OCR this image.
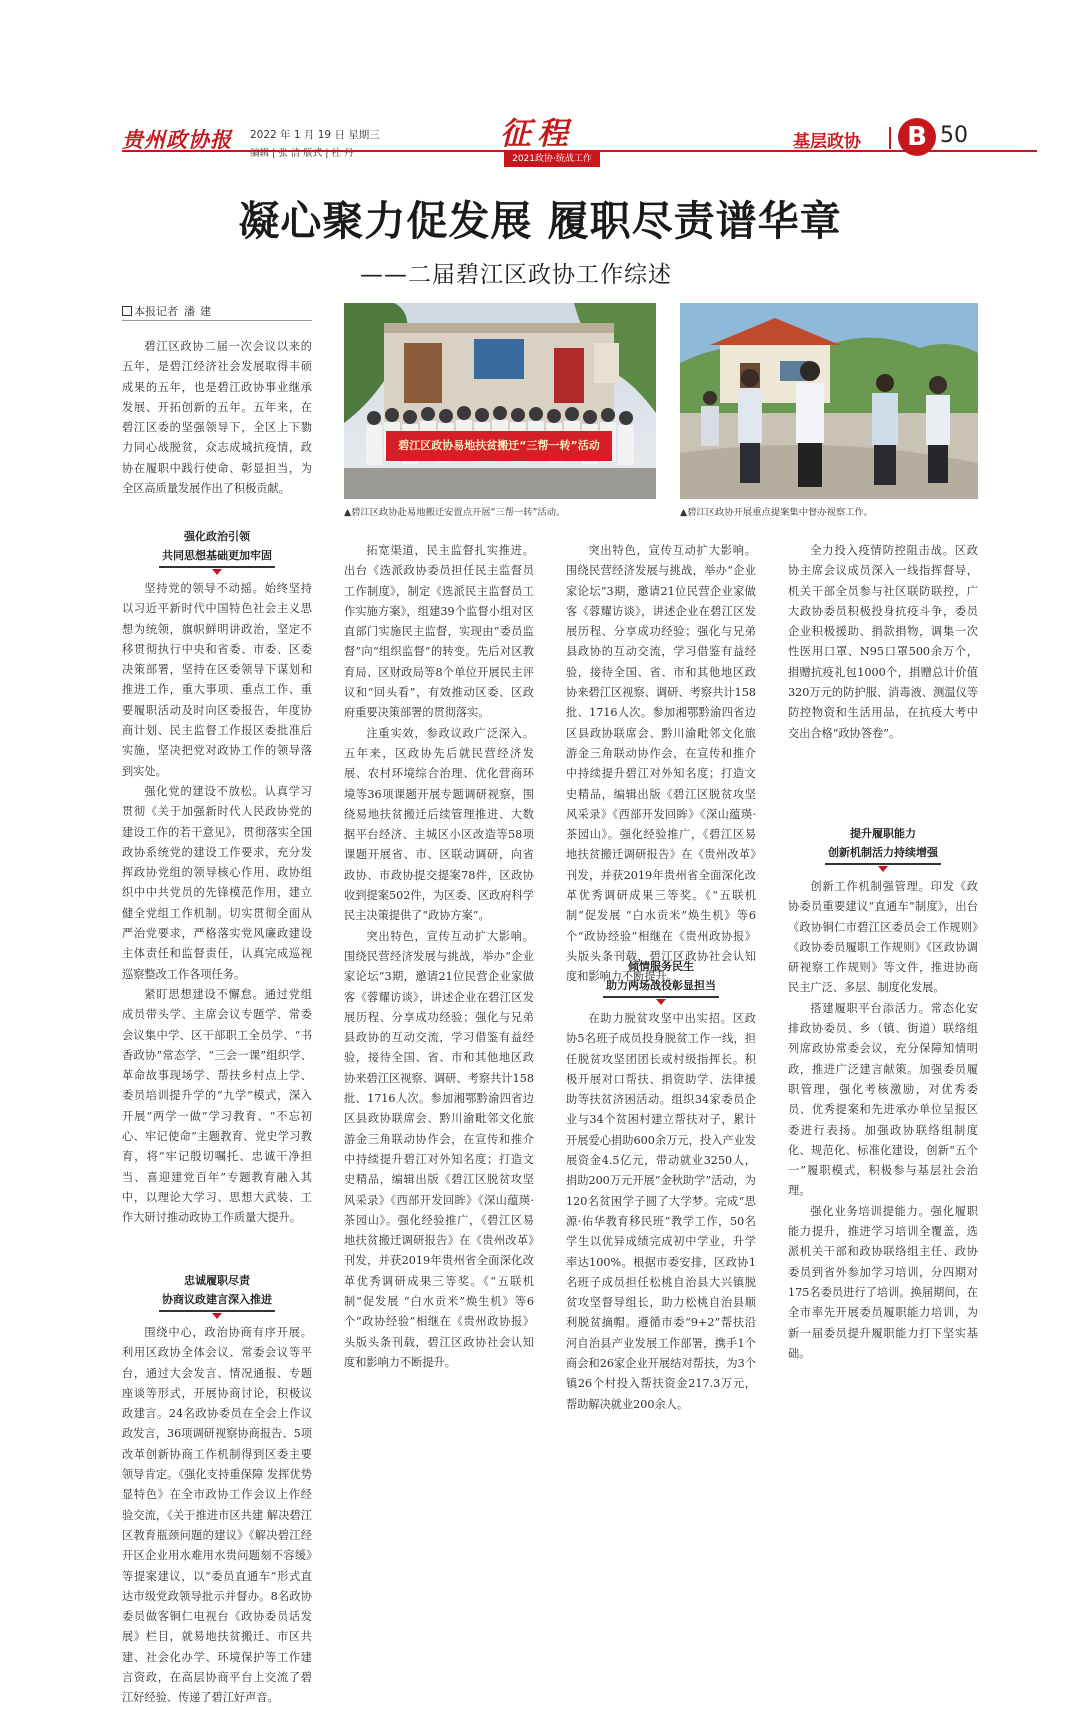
贵州政协报 2022 年 1 月 19 日 星期三
编辑 | 张 洁 版式 | 杜 丹
征程
2021政协·统战工作
基层政协	B 50
凝心聚力促发展 履职尽责谱华章
——二届碧江区政协工作综述
本报记者 潘建

碧江区政协二届一次会议以来的五年，是碧江经济社会发展取得丰硕成果的五年，也是碧江政协事业继承发展、开拓创新的五年。五年来，在碧江区委的坚强领导下，全区上下勠力同心战脱贫，众志成城抗疫情，政协在履职中践行使命、彰显担当，为全区高质量发展作出了积极贡献。

碧江区政协易地扶贫搬迁“三帮一转”活动
▲碧江区政协赴易地搬迁安置点开展“三帮一转”活动。	▲碧江区政协开展重点提案集中督办视察工作。
强化政治引领
共同思想基础更加牢固

坚持党的领导不动摇。始终坚持以习近平新时代中国特色社会主义思想为统领，旗帜鲜明讲政治，坚定不移贯彻执行中央和省委、市委、区委决策部署，坚持在区委领导下谋划和推进工作，重大事项、重点工作、重要履职活动及时向区委报告，年度协商计划、民主监督工作报区委批准后实施，坚决把党对政协工作的领导落到实处。

强化党的建设不放松。认真学习贯彻《关于加强新时代人民政协党的建设工作的若干意见》，贯彻落实全国政协系统党的建设工作要求，充分发挥政协党组的领导核心作用、政协组织中中共党员的先锋模范作用，建立健全党组工作机制。切实贯彻全面从严治党要求，严格落实党风廉政建设主体责任和监督责任，认真完成巡视巡察整改工作各项任务。

紧盯思想建设不懈怠。通过党组成员带头学、主席会议专题学、常委会议集中学、区干部职工全员学、“书香政协”常态学、“三会一课”组织学、革命故事现场学、帮扶乡村点上学、委员培训提升学的“九学”模式，深入开展“两学一做”学习教育、“不忘初心、牢记使命”主题教育、党史学习教育，将“牢记殷切嘱托、忠诚干净担当、喜迎建党百年”专题教育融入其中，以理论大学习、思想大武装、工作大研讨推动政协工作质量大提升。

忠诚履职尽责
协商议政建言深入推进

围绕中心，政治协商有序开展。利用区政协全体会议、常委会议等平台，通过大会发言、情况通报、专题座谈等形式，开展协商讨论，积极议政建言。24名政协委员在全会上作议政发言，36项调研视察协商报告、5项改革创新协商工作机制得到区委主要领导肯定。《强化支持重保障 发挥优势显特色》在全市政协工作会议上作经验交流，《关于推进市区共建 解决碧江区教育瓶颈问题的建议》《解决碧江经开区企业用水难用水贵问题刻不容缓》等提案建议，以“委员直通车”形式直达市级党政领导批示并督办。8名政协委员做客铜仁电视台《政协委员话发展》栏目，就易地扶贫搬迁、市区共建、社会化办学、环境保护等工作建言资政，在高层协商平台上交流了碧江好经验、传递了碧江好声音。

拓宽渠道，民主监督扎实推进。出台《选派政协委员担任民主监督员工作制度》，制定《选派民主监督员工作实施方案》，组建39个监督小组对区直部门实施民主监督，实现由“委员监督”向“组织监督”的转变。先后对区教育局、区财政局等8个单位开展民主评议和“回头看”，有效推动区委、区政府重要决策部署的贯彻落实。

注重实效，参政议政广泛深入。五年来，区政协先后就民营经济发展、农村环境综合治理、优化营商环境等36项课题开展专题调研视察，围绕易地扶贫搬迁后续管理推进、大数据平台经济、主城区小区改造等58项课题开展省、市、区联动调研，向省政协、市政协提交提案78件，区政协收到提案502件，为区委、区政府科学民主决策提供了“政协方案”。

突出特色，宣传互动扩大影响。围绕民营经济发展与挑战，举办“企业家论坛”3期，邀请21位民营企业家做客《蓉耀访谈》，讲述企业在碧江区发展历程、分享成功经验；强化与兄弟县政协的互动交流，学习借鉴有益经验，接待全国、省、市和其他地区政协来碧江区视察、调研、考察共计158批、1716人次。参加湘鄂黔渝四省边区县政协联席会、黔川渝毗邻文化旅游金三角联动协作会，在宣传和推介中持续提升碧江对外知名度；打造文史精品，编辑出版《碧江区脱贫攻坚风采录》《西部开发回眸》《深山蕴瑛·茶园山》。强化经验推广，《碧江区易地扶贫搬迁调研报告》在《贵州改革》刊发，并获2019年贵州省全面深化改革优秀调研成果三等奖。《“五联机制”促发展 “白水贡米”焕生机》等6个“政协经验”相继在《贵州政协报》头版头条刊载，碧江区政协社会认知度和影响力不断提升。

突出特色，宣传互动扩大影响。围绕民营经济发展与挑战，举办“企业家论坛”3期，邀请21位民营企业家做客《蓉耀访谈》，讲述企业在碧江区发展历程、分享成功经验；强化与兄弟县政协的互动交流，学习借鉴有益经验，接待全国、省、市和其他地区政协来碧江区视察、调研、考察共计158批、1716人次。参加湘鄂黔渝四省边区县政协联席会、黔川渝毗邻文化旅游金三角联动协作会，在宣传和推介中持续提升碧江对外知名度；打造文史精品，编辑出版《碧江区脱贫攻坚风采录》《西部开发回眸》《深山蕴瑛·茶园山》。强化经验推广，《碧江区易地扶贫搬迁调研报告》在《贵州改革》刊发，并获2019年贵州省全面深化改革优秀调研成果三等奖。《“五联机制”促发展 “白水贡米”焕生机》等6个“政协经验”相继在《贵州政协报》头版头条刊载，碧江区政协社会认知度和影响力不断提升。

倾情服务民生
助力两场战役彰显担当

在助力脱贫攻坚中出实招。区政协5名班子成员投身脱贫工作一线，担任脱贫攻坚团团长或村级指挥长。积极开展对口帮扶、捐资助学、法律援助等扶贫济困活动。组织34家委员企业与34个贫困村建立帮扶对子，累计开展爱心捐助600余万元，投入产业发展资金4.5亿元，带动就业3250人，捐助200万元开展“金秋助学”活动，为120名贫困学子圆了大学梦。完成“思源·佑华教育移民班”教学工作，50名学生以优异成绩完成初中学业，升学率达100%。根据市委安排，区政协1名班子成员担任松桃自治县大兴镇脱贫攻坚督导组长，助力松桃自治县顺利脱贫摘帽。遵循市委“9+2”帮扶沿河自治县产业发展工作部署，携手1个商会和26家企业开展结对帮扶，为3个镇26个村投入帮扶资金217.3万元，帮助解决就业200余人。

全力投入疫情防控阻击战。区政协主席会议成员深入一线指挥督导，机关干部全员参与社区联防联控，广大政协委员积极投身抗疫斗争，委员企业积极援助、捐款捐物，调集一次性医用口罩、N95口罩500余万个，捐赠抗疫礼包1000个，捐赠总计价值320万元的防护服、消毒液、测温仪等防控物资和生活用品，在抗疫大考中交出合格“政协答卷”。

提升履职能力
创新机制活力持续增强

创新工作机制强管理。印发《政协委员重要建议“直通车”制度》，出台《政协铜仁市碧江区委员会工作规则》《政协委员履职工作规则》《区政协调研视察工作规则》等文件，推进协商民主广泛、多层、制度化发展。

搭建履职平台添活力。常态化安排政协委员、乡（镇、街道）联络组列席政协常委会议，充分保障知情明政，推进广泛建言献策。加强委员履职管理，强化考核激励，对优秀委员、优秀提案和先进承办单位呈报区委进行表扬。加强政协联络组制度化、规范化、标准化建设，创新“五个一”履职模式，积极参与基层社会治理。

强化业务培训提能力。强化履职能力提升，推进学习培训全覆盖，选派机关干部和政协联络组主任、政协委员到省外参加学习培训，分四期对175名委员进行了培训。换届期间，在全市率先开展委员履职能力培训，为新一届委员提升履职能力打下坚实基础。
